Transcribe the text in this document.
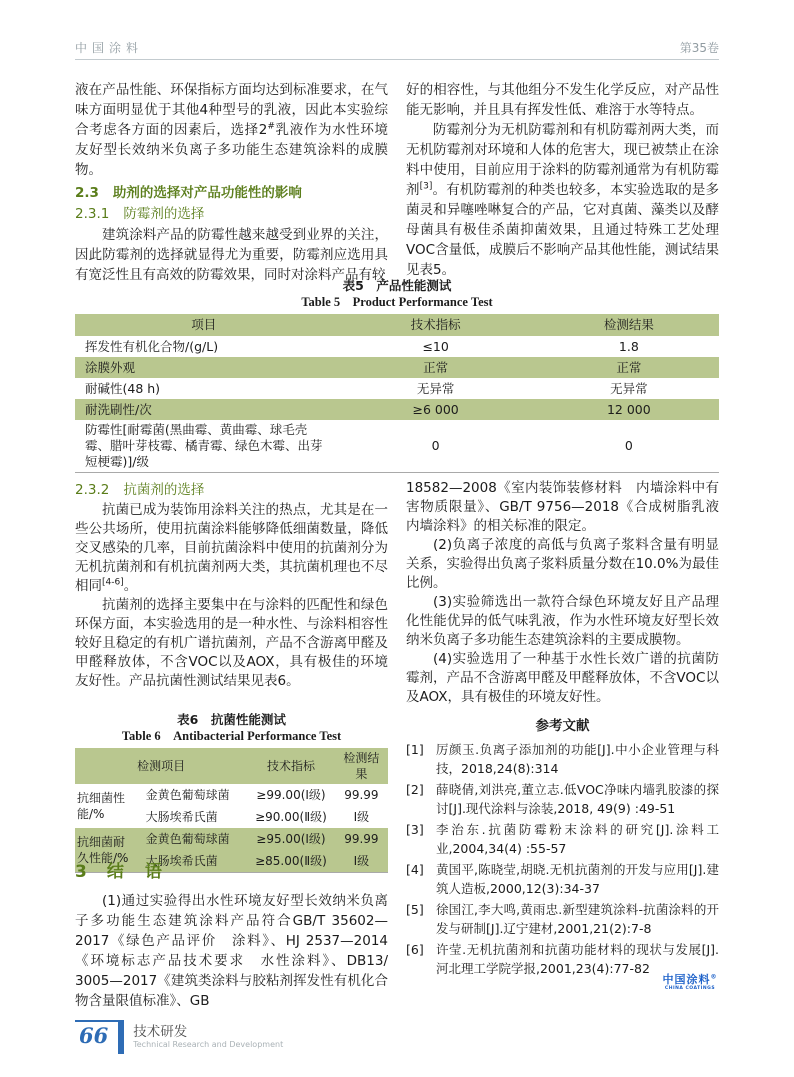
中国涂料	第35卷

液在产品性能、环保指标方面均达到标准要求，在气味方面明显优于其他4种型号的乳液，因此本实验综合考虑各方面的因素后，选择2#乳液作为水性环境友好型长效纳米负离子多功能生态建筑涂料的成膜物。

2.3 助剂的选择对产品功能性的影响

2.3.1 防霉剂的选择

建筑涂料产品的防霉性越来越受到业界的关注，因此防霉剂的选择就显得尤为重要，防霉剂应选用具有宽泛性且有高效的防霉效果，同时对涂料产品有较

好的相容性，与其他组分不发生化学反应，对产品性能无影响，并且具有挥发性低、难溶于水等特点。

防霉剂分为无机防霉剂和有机防霉剂两大类，而无机防霉剂对环境和人体的危害大，现已被禁止在涂料中使用，目前应用于涂料的防霉剂通常为有机防霉剂[3]。有机防霉剂的种类也较多，本实验选取的是多菌灵和异噻唑啉复合的产品，它对真菌、藻类以及酵母菌具有极佳杀菌抑菌效果，且通过特殊工艺处理VOC含量低，成膜后不影响产品其他性能，测试结果见表5。

表5　产品性能测试

Table 5　Product Performance Test

项目	技术指标	检测结果
挥发性有机化合物/(g/L)	≤10	1.8
涂膜外观	正常	正常
耐碱性(48 h)	无异常	无异常
耐洗刷性/次	≥6 000	12 000
防霉性[耐霉菌(黑曲霉、黄曲霉、球毛壳霉、腊叶芽枝霉、橘青霉、绿色木霉、出芽短梗霉)]/级	0	0

2.3.2 抗菌剂的选择

抗菌已成为装饰用涂料关注的热点，尤其是在一些公共场所，使用抗菌涂料能够降低细菌数量，降低交叉感染的几率，目前抗菌涂料中使用的抗菌剂分为无机抗菌剂和有机抗菌剂两大类，其抗菌机理也不尽相同[4-6]。

抗菌剂的选择主要集中在与涂料的匹配性和绿色环保方面，本实验选用的是一种水性、与涂料相容性较好且稳定的有机广谱抗菌剂，产品不含游离甲醛及甲醛释放体，不含VOC以及AOX，具有极佳的环境友好性。产品抗菌性测试结果见表6。

表6　抗菌性能测试

Table 6　Antibacterial Performance Test

检测项目		技术指标	检测结果
抗细菌性能/%	金黄色葡萄球菌	≥99.00(Ⅰ级)	99.99
	大肠埃希氏菌	≥90.00(Ⅱ级)	Ⅰ级
抗细菌耐久性能/%	金黄色葡萄球菌	≥95.00(Ⅰ级)	99.99
	大肠埃希氏菌	≥85.00(Ⅱ级)	Ⅰ级

3 结　语

(1)通过实验得出水性环境友好型长效纳米负离子多功能生态建筑涂料产品符合GB/T 35602—2017《绿色产品评价　涂料》、HJ 2537—2014《环境标志产品技术要求　水性涂料》、DB13/ 3005—2017《建筑类涂料与胶粘剂挥发性有机化合物含量限值标准》、GB

18582—2008《室内装饰装修材料　内墙涂料中有害物质限量》、GB/T 9756—2018《合成树脂乳液内墙涂料》的相关标准的限定。

(2)负离子浓度的高低与负离子浆料含量有明显关系，实验得出负离子浆料质量分数在10.0%为最佳比例。

(3)实验筛选出一款符合绿色环境友好且产品理化性能优异的低气味乳液，作为水性环境友好型长效纳米负离子多功能生态建筑涂料的主要成膜物。

(4)实验选用了一种基于水性长效广谱的抗菌防霉剂，产品不含游离甲醛及甲醛释放体，不含VOC以及AOX，具有极佳的环境友好性。

参考文献

[1] 厉颜玉.负离子添加剂的功能[J].中小企业管理与科技，2018,24(8):314
[2] 薛晓倩,刘洪亮,董立志.低VOC净味内墙乳胶漆的探讨[J].现代涂料与涂装,2018, 49(9) :49-51
[3] 李治东.抗菌防霉粉末涂料的研究[J].涂料工业,2004,34(4) :55-57
[4] 黄国平,陈晓莹,胡晓.无机抗菌剂的开发与应用[J].建筑人造板,2000,12(3):34-37
[5] 徐国江,李大鸣,黄雨忠.新型建筑涂料-抗菌涂料的开发与研制[J].辽宁建材,2001,21(2):7-8
[6] 许莹.无机抗菌剂和抗菌功能材料的现状与发展[J].河北理工学院学报,2001,23(4):77-82
中国涂料®
CHINA COATINGS
66	技术研发
Technical Research and Development
